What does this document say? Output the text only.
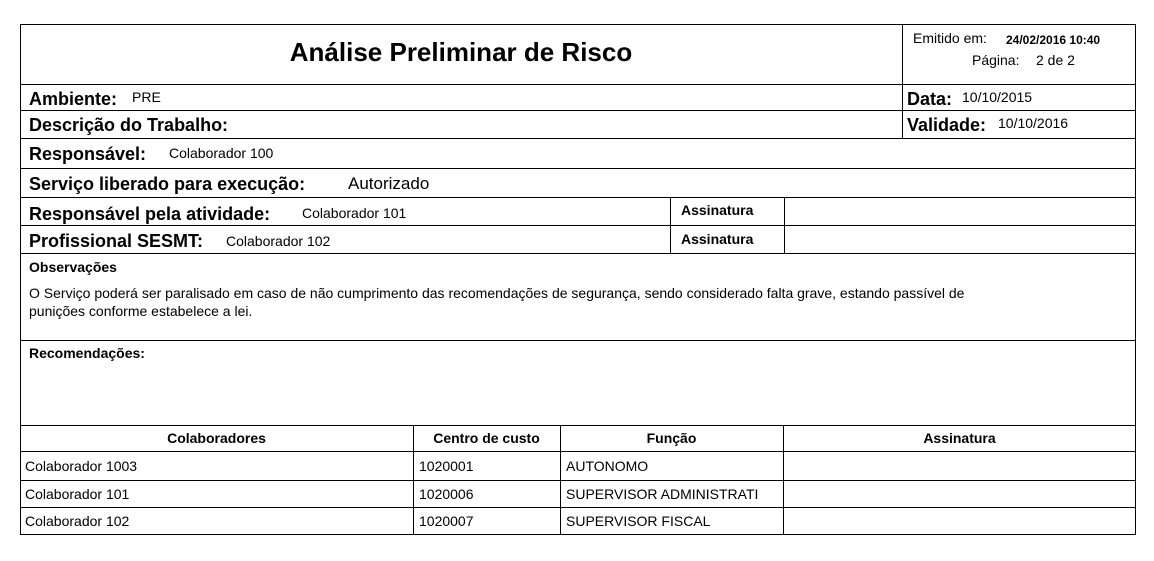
Análise Preliminar de Risco	Emitido em: 24/02/2016 10:40
Página: 2 de 2
Ambiente: PRE	Data: 10/10/2015
Descrição do Trabalho:	Validade: 10/10/2016
Responsável: Colaborador 100
Serviço liberado para execução:	Autorizado
Responsável pela atividade: Colaborador 101	Assinatura
Profissional SESMT: Colaborador 102	Assinatura
Observações
O Serviço poderá ser paralisado em caso de não cumprimento das recomendações de segurança, sendo considerado falta grave, estando passível de
punições conforme estabelece a lei.
Recomendações:
Colaboradores	Centro de custo	Função	Assinatura
Colaborador 1003	1020001	AUTONOMO
Colaborador 101	1020006	SUPERVISOR ADMINISTRATI
Colaborador 102	1020007	SUPERVISOR FISCAL
